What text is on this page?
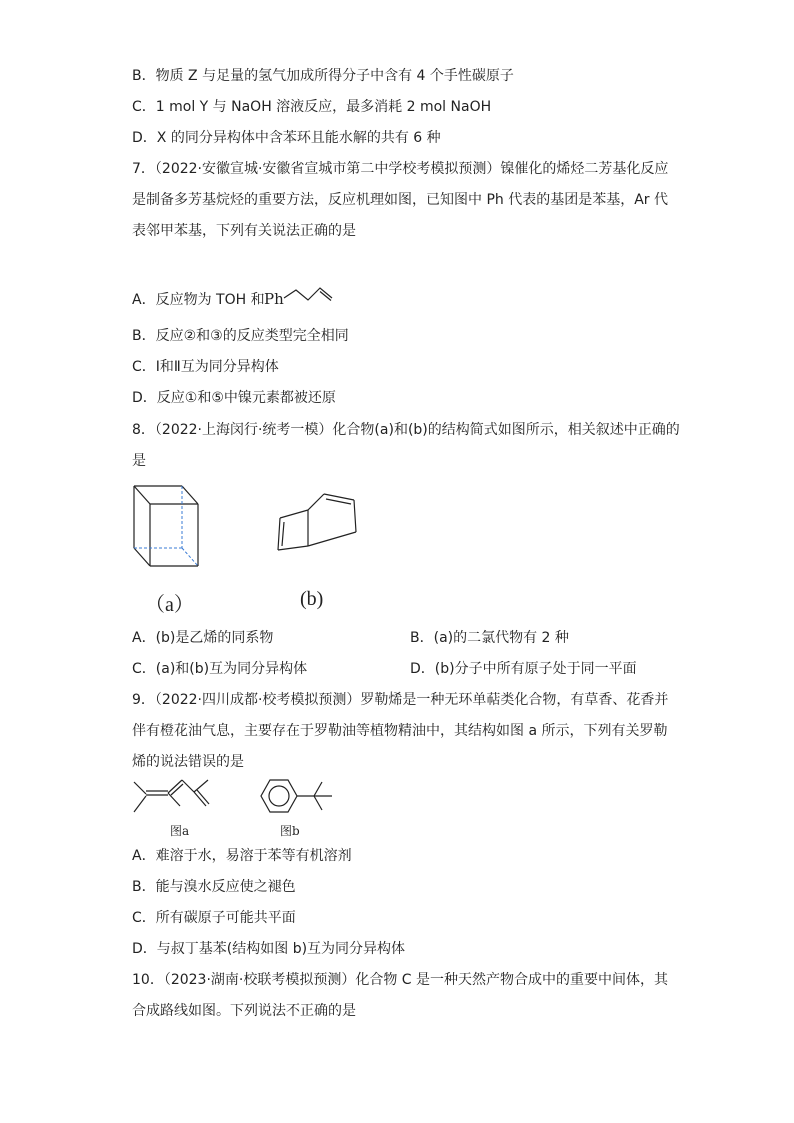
B．物质 Z 与足量的氢气加成所得分子中含有 4 个手性碳原子
C．1 mol Y 与 NaOH 溶液反应，最多消耗 2 mol NaOH
D．X 的同分异构体中含苯环且能水解的共有 6 种
7．（2022·安徽宣城·安徽省宣城市第二中学校考模拟预测）镍催化的烯烃二芳基化反应
是制备多芳基烷烃的重要方法，反应机理如图，已知图中 Ph 代表的基团是苯基，Ar 代
表邻甲苯基，下列有关说法正确的是
A．反应物为 TOH 和 Ph
B．反应②和③的反应类型完全相同
C．Ⅰ和Ⅱ互为同分异构体
D．反应①和⑤中镍元素都被还原
8．（2022·上海闵行·统考一模）化合物(a)和(b)的结构简式如图所示，相关叙述中正确的
是
（a）	(b)
A．(b)是乙烯的同系物	B．(a)的二氯代物有 2 种
C．(a)和(b)互为同分异构体	D．(b)分子中所有原子处于同一平面
9．（2022·四川成都·校考模拟预测）罗勒烯是一种无环单萜类化合物，有草香、花香并
伴有橙花油气息，主要存在于罗勒油等植物精油中，其结构如图 a 所示，下列有关罗勒
烯的说法错误的是
图a	图b
A．难溶于水，易溶于苯等有机溶剂
B．能与溴水反应使之褪色
C．所有碳原子可能共平面
D．与叔丁基苯(结构如图 b)互为同分异构体
10．（2023·湖南·校联考模拟预测）化合物 C 是一种天然产物合成中的重要中间体，其
合成路线如图。下列说法不正确的是
